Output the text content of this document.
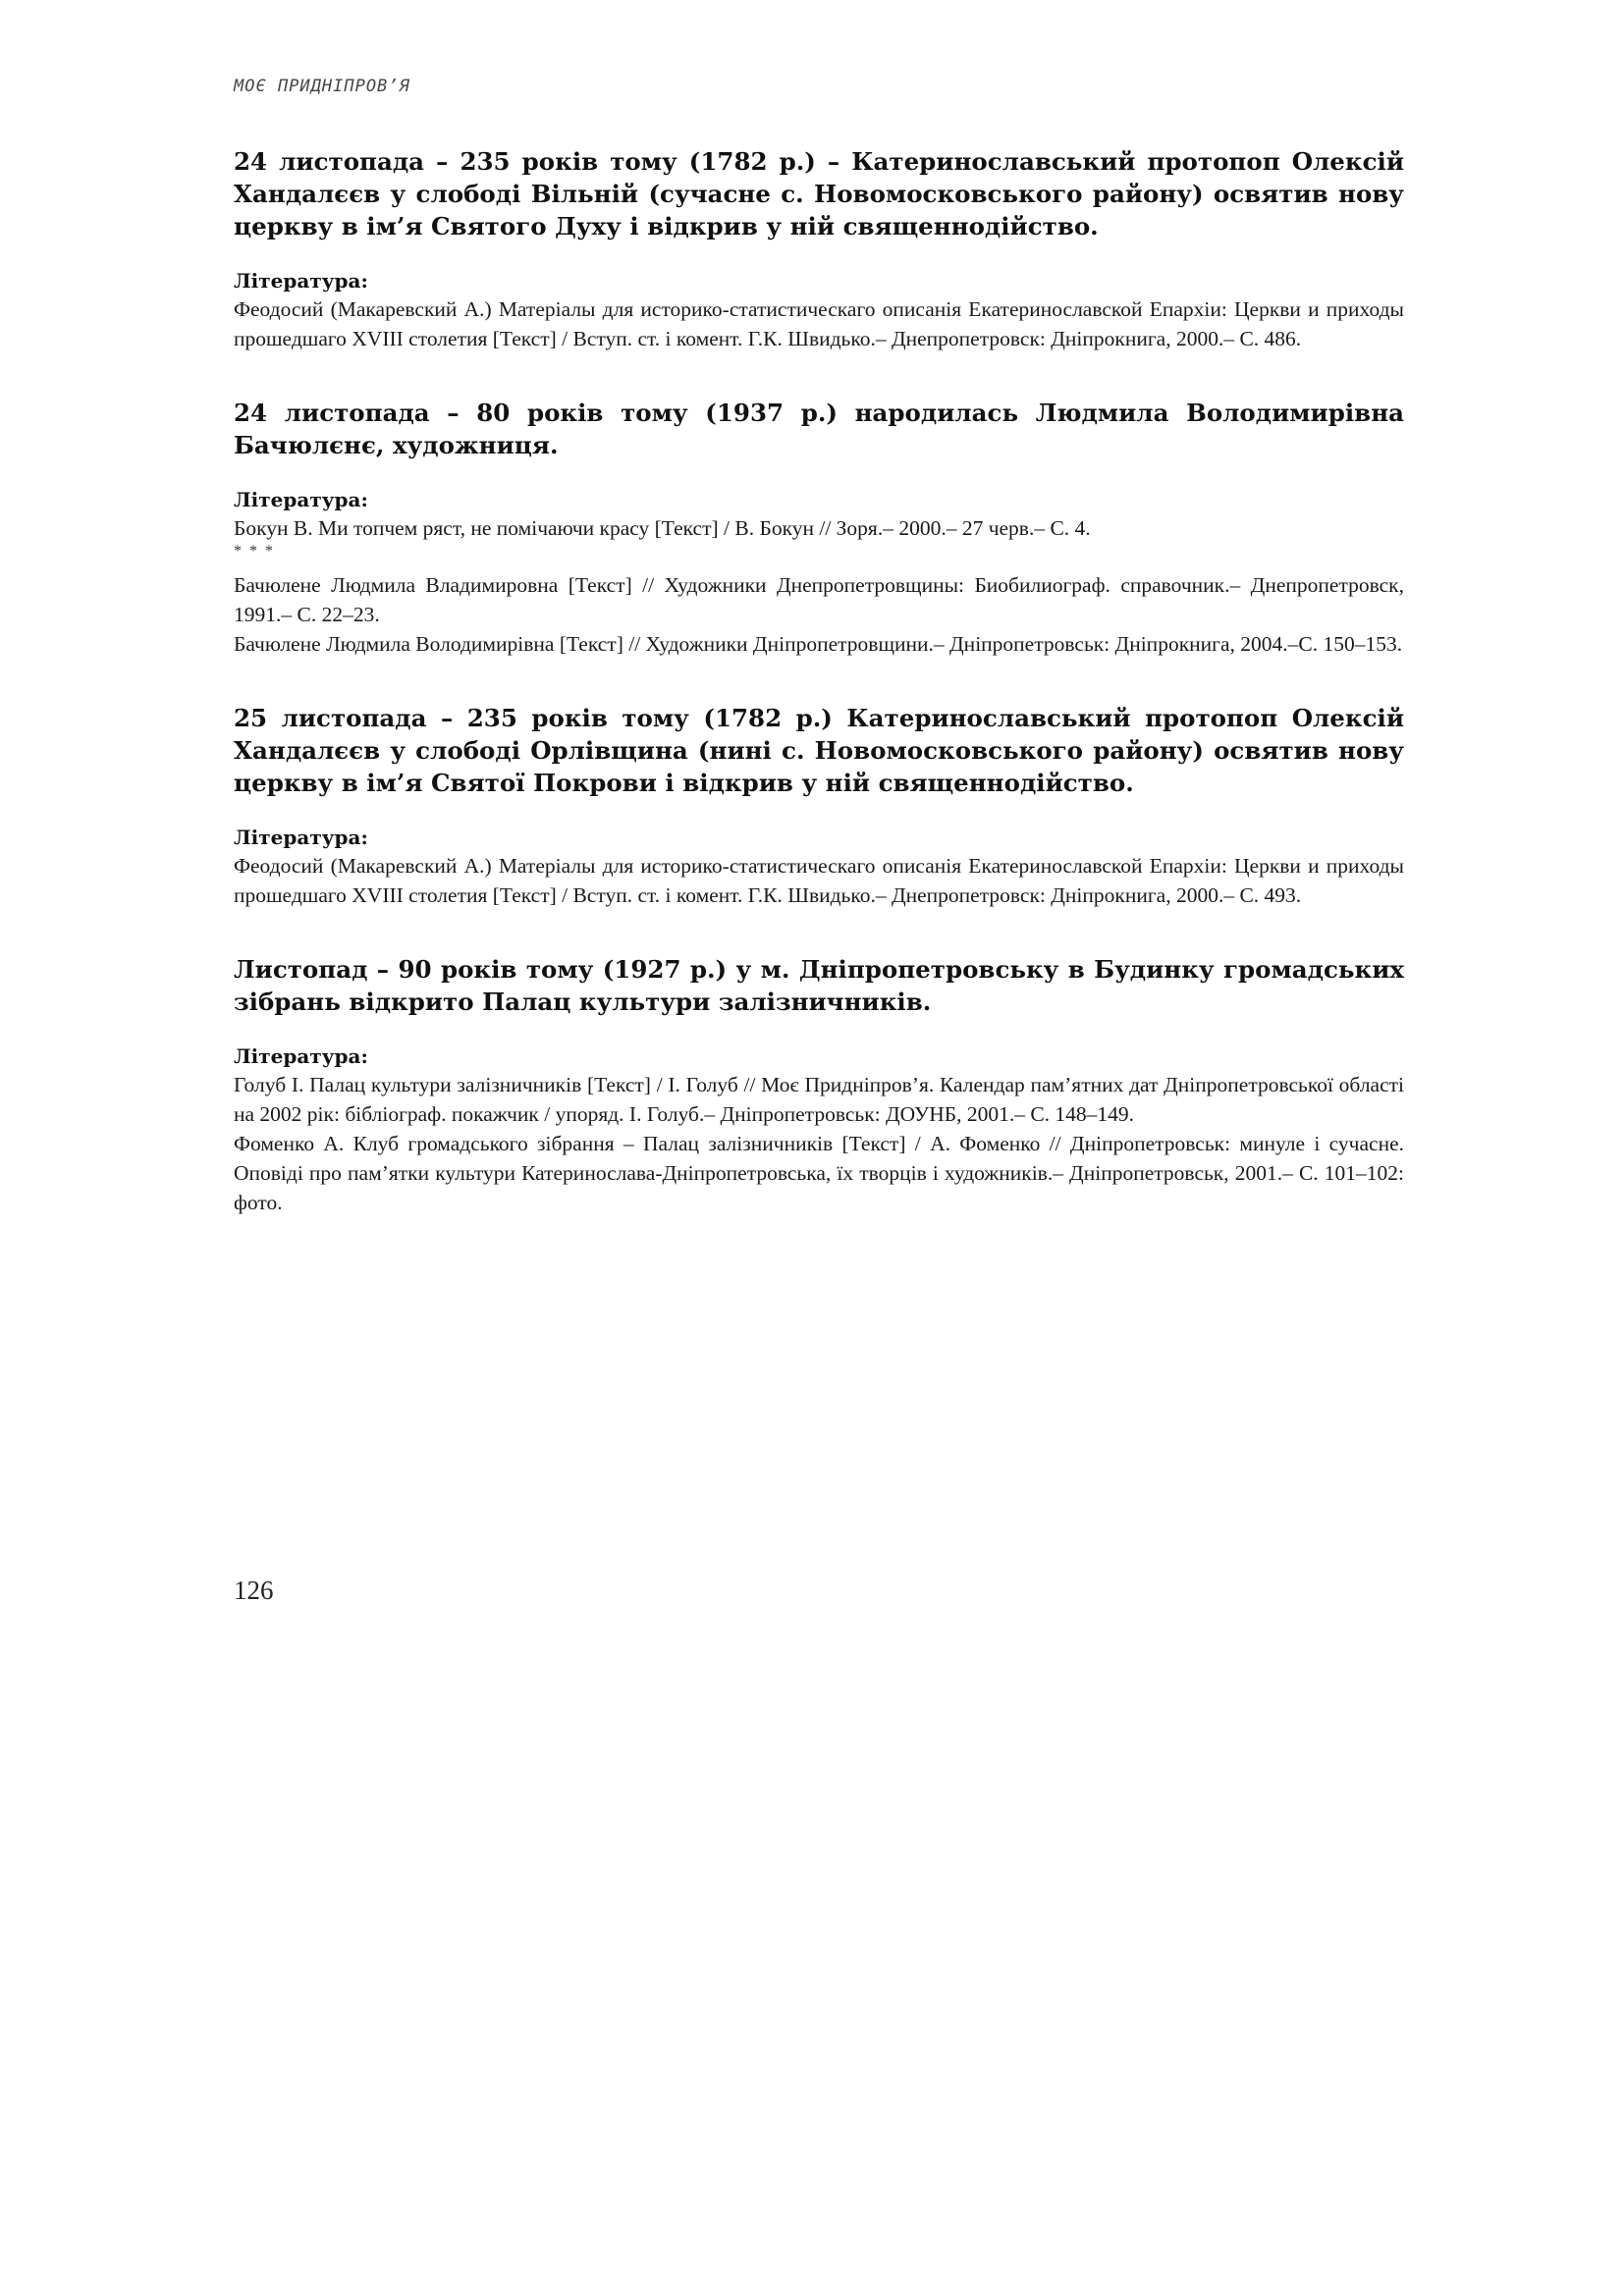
МОЄ ПРИДНІПРОВ’Я

24 листопада – 235 років тому (1782 р.) – Катеринославський протопоп Олексій Хандалєєв у слободі Вільній (сучасне с. Новомосковського району) освятив нову церкву в ім’я Святого Духу і відкрив у ній священнодійство.

Література:

Феодосий (Макаревский А.) Матеріалы для историко-статистическаго описанія Екатеринославской Епархіи: Церкви и приходы прошедшаго XVIII столетия [Текст] / Вступ. ст. і комент. Г.К. Швидько.– Днепропетровск: Дніпрокнига, 2000.– С. 486.

24 листопада – 80 років тому (1937 р.) народилась Людмила Володимирівна Бачюлєнє, художниця.

Література:

Бокун В. Ми топчем ряст, не помічаючи красу [Текст] / В. Бокун // Зоря.– 2000.– 27 черв.– С. 4.

* * *

Бачюлене Людмила Владимировна [Текст] // Художники Днепропетровщины: Биобилиограф. справочник.– Днепропетровск, 1991.– С. 22–23.

Бачюлене Людмила Володимирівна [Текст] // Художники Дніпропетровщини.– Дніпропетровськ: Дніпрокнига, 2004.–С. 150–153.

25 листопада – 235 років тому (1782 р.) Катеринославський протопоп Олексій Хандалєєв у слободі Орлівщина (нині с. Новомосковського району) освятив нову церкву в ім’я Святої Покрови і відкрив у ній священнодійство.

Література:

Феодосий (Макаревский А.) Матеріалы для историко-статистическаго описанія Екатеринославской Епархіи: Церкви и приходы прошедшаго XVIII столетия [Текст] / Вступ. ст. і комент. Г.К. Швидько.– Днепропетровск: Дніпрокнига, 2000.– С. 493.

Листопад – 90 років тому (1927 р.) у м. Дніпропетровську в Будинку громадських зібрань відкрито Палац культури залізничників.

Література:

Голуб І. Палац культури залізничників [Текст] / І. Голуб // Моє Придніпров’я. Календар пам’ятних дат Дніпропетровської області на 2002 рік: бібліограф. покажчик / упоряд. І. Голуб.– Дніпропетровськ: ДОУНБ, 2001.– С. 148–149.

Фоменко А. Клуб громадського зібрання – Палац залізничників [Текст] / А. Фоменко // Дніпропетровськ: минуле і сучасне. Оповіді про пам’ятки культури Катеринослава-Дніпропетровська, їх творців і художників.– Дніпропетровськ, 2001.– С. 101–102: фото.

126
